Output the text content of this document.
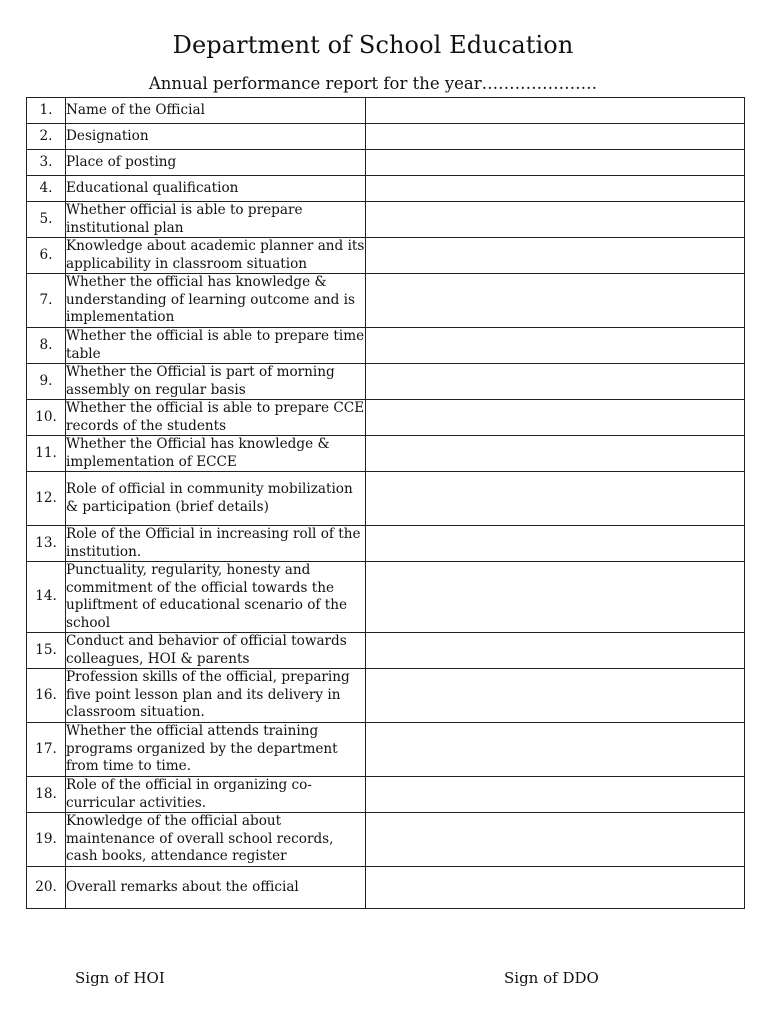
Department of School Education
Annual performance report for the year…………………
1.	Name of the Official	
2.	Designation	
3.	Place of posting	
4.	Educational qualification	
5.	Whether official is able to prepare institutional plan	
6.	Knowledge about academic planner and its applicability in classroom situation	
7.	Whether the official has knowledge & understanding of learning outcome and is implementation	
8.	Whether the official is able to prepare time table	
9.	Whether the Official is part of morning assembly on regular basis	
10.	Whether the official is able to prepare CCE records of the students	
11.	Whether the Official has knowledge & implementation of ECCE	
12.	Role of official in community mobilization & participation (brief details)	
13.	Role of the Official in increasing roll of the institution.	
14.	Punctuality, regularity, honesty and commitment of the official towards the upliftment of educational scenario of the school	
15.	Conduct and behavior of official towards colleagues, HOI & parents	
16.	Profession skills of the official, preparing five point lesson plan and its delivery in classroom situation.	
17.	Whether the official attends training programs organized by the department from time to time.	
18.	Role of the official in organizing co-curricular activities.	
19.	Knowledge of the official about maintenance of overall school records, cash books, attendance register	
20.	Overall remarks about the official	
Sign of HOI	Sign of DDO
